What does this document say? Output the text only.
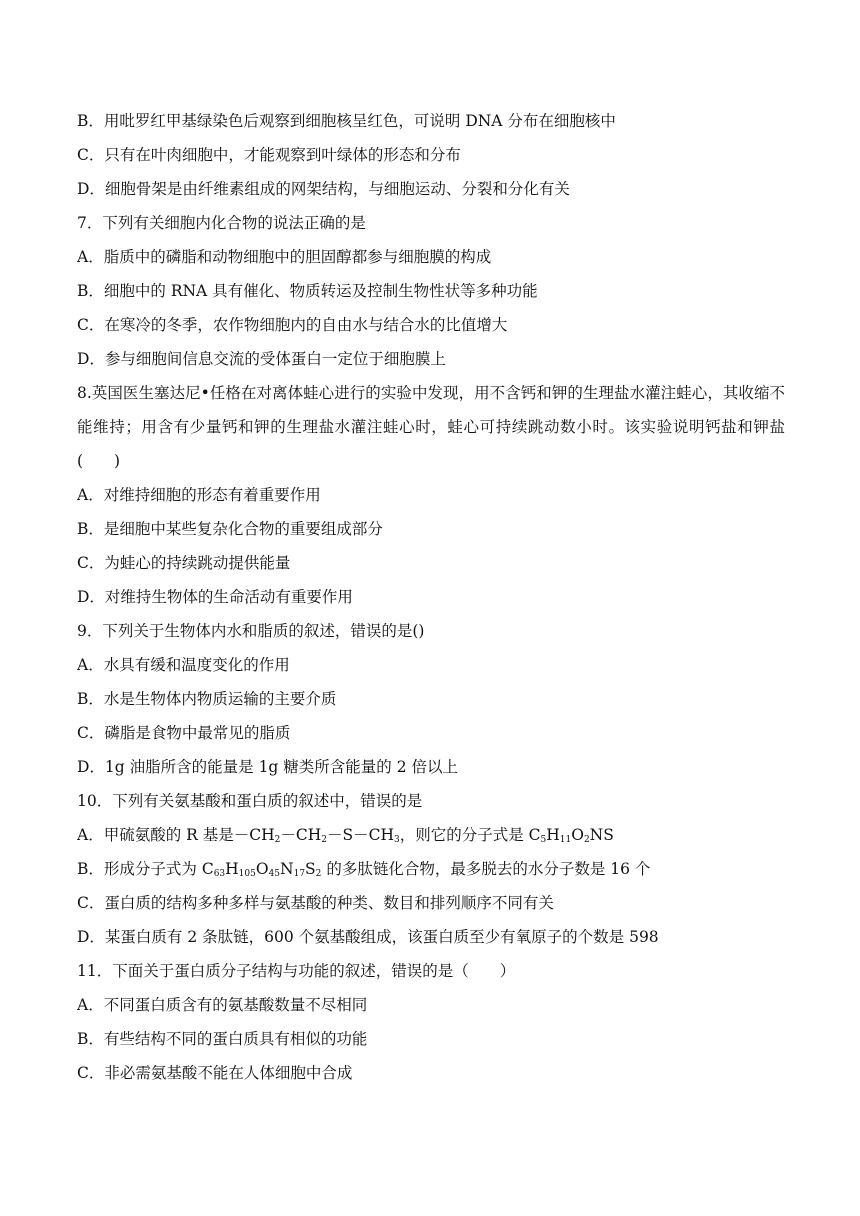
B．用吡罗红甲基绿染色后观察到细胞核呈红色，可说明 DNA 分布在细胞核中
C．只有在叶肉细胞中，才能观察到叶绿体的形态和分布
D．细胞骨架是由纤维素组成的网架结构，与细胞运动、分裂和分化有关
7．下列有关细胞内化合物的说法正确的是
A．脂质中的磷脂和动物细胞中的胆固醇都参与细胞膜的构成
B．细胞中的 RNA 具有催化、物质转运及控制生物性状等多种功能
C．在寒冷的冬季，农作物细胞内的自由水与结合水的比值增大
D．参与细胞间信息交流的受体蛋白一定位于细胞膜上
8.英国医生塞达尼•任格在对离体蛙心进行的实验中发现，用不含钙和钾的生理盐水灌注蛙心，其收缩不能维持；用含有少量钙和钾的生理盐水灌注蛙心时，蛙心可持续跳动数小时。该实验说明钙盐和钾盐(　　)
A．对维持细胞的形态有着重要作用
B．是细胞中某些复杂化合物的重要组成部分
C．为蛙心的持续跳动提供能量
D．对维持生物体的生命活动有重要作用
9．下列关于生物体内水和脂质的叙述，错误的是()
A．水具有缓和温度变化的作用
B．水是生物体内物质运输的主要介质
C．磷脂是食物中最常见的脂质
D．1g 油脂所含的能量是 1g 糖类所含能量的 2 倍以上
10．下列有关氨基酸和蛋白质的叙述中，错误的是
A．甲硫氨酸的 R 基是$-CH_2-CH_2-S-CH_3$，则它的分子式是 $C_5H_{11}O_2NS$
B．形成分子式为 $C_{63}H_{105}O_{45}N_{17}S_2$ 的多肽链化合物，最多脱去的水分子数是 16 个
C．蛋白质的结构多种多样与氨基酸的种类、数目和排列顺序不同有关
D．某蛋白质有 2 条肽链，600 个氨基酸组成，该蛋白质至少有氧原子的个数是 598
11．下面关于蛋白质分子结构与功能的叙述，错误的是（　　）
A．不同蛋白质含有的氨基酸数量不尽相同
B．有些结构不同的蛋白质具有相似的功能
C．非必需氨基酸不能在人体细胞中合成
